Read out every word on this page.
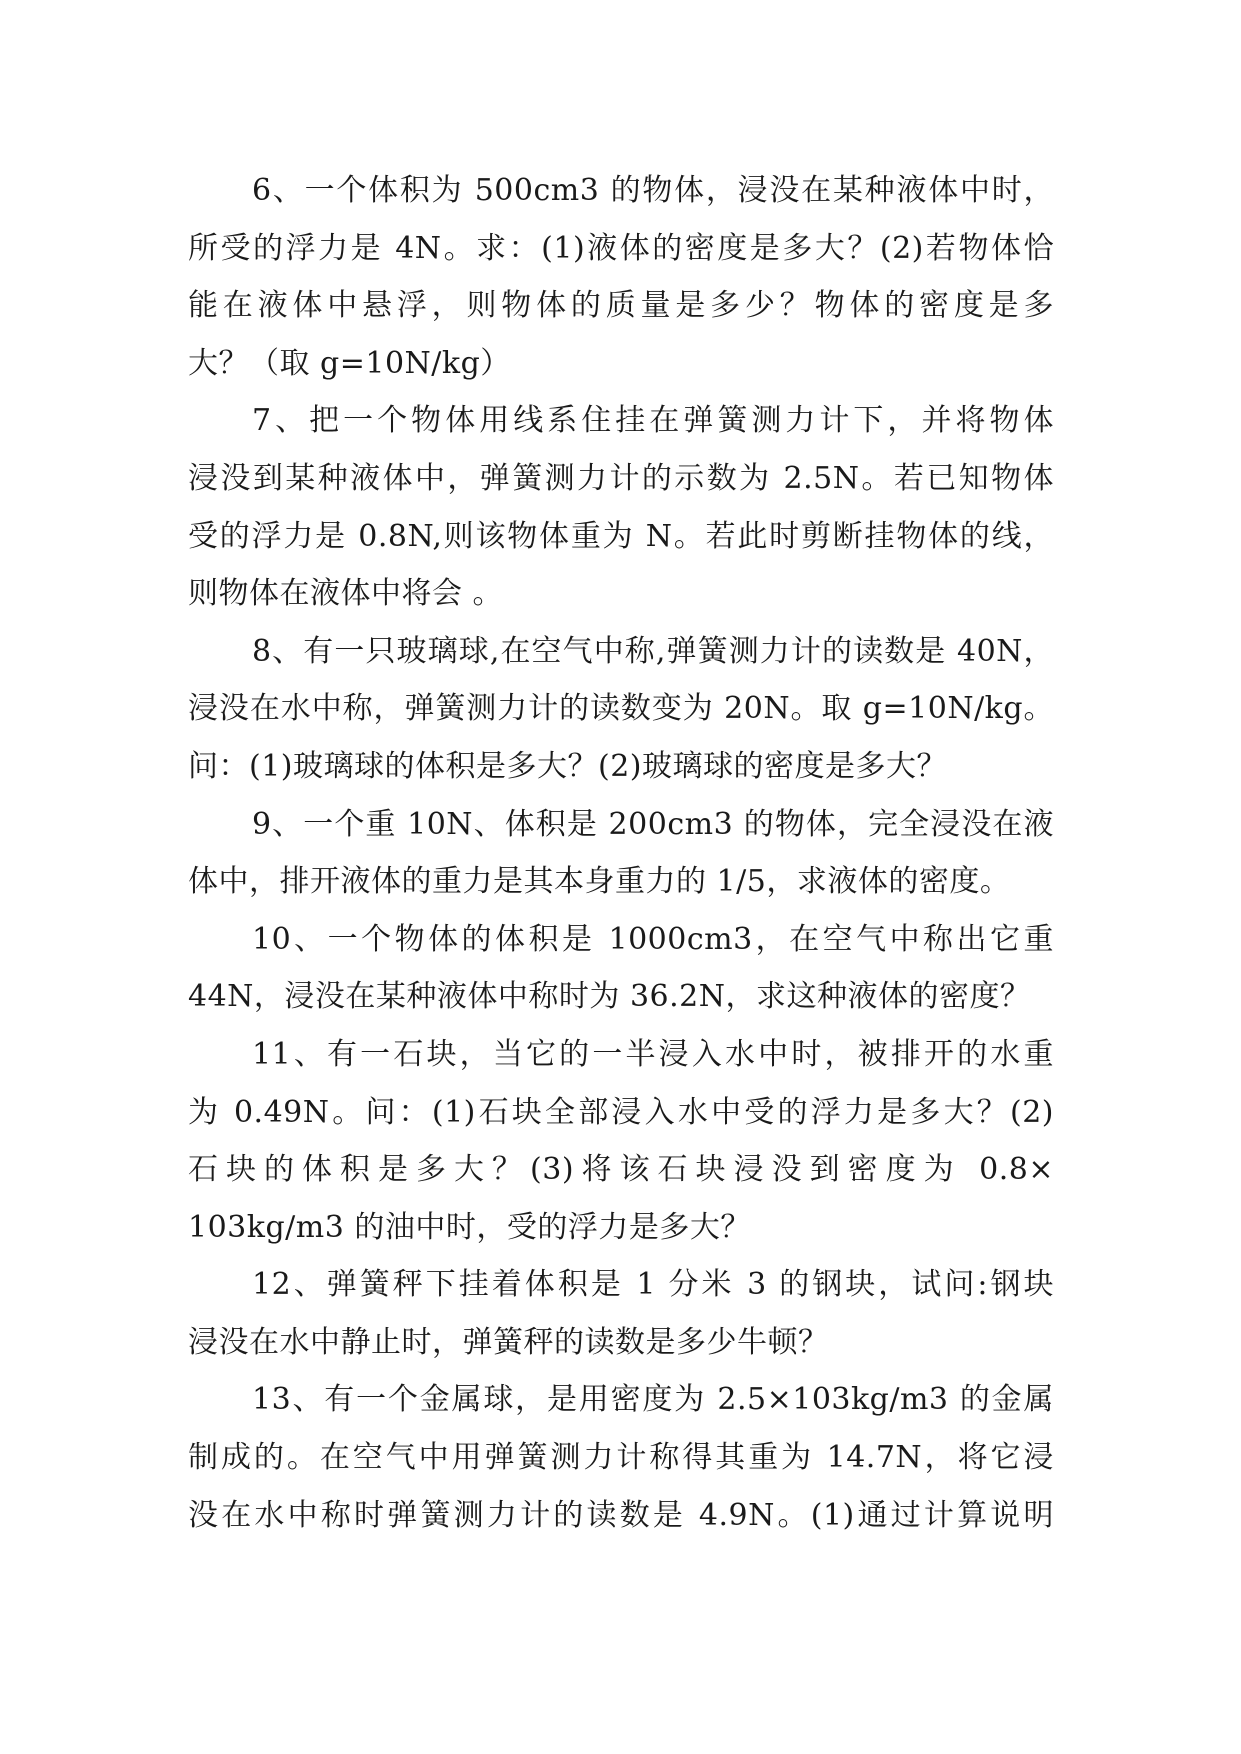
6、一个体积为 500cm3 的物体，浸没在某种液体中时，
所受的浮力是 4N。求：(1)液体的密度是多大？(2)若物体恰
能在液体中悬浮，则物体的质量是多少？物体的密度是多
大？（取 g=10N/kg）

7、把一个物体用线系住挂在弹簧测力计下，并将物体
浸没到某种液体中，弹簧测力计的示数为 2.5N。若已知物体
受的浮力是 0.8N,则该物体重为 N。若此时剪断挂物体的线，
则物体在液体中将会 。

8、有一只玻璃球,在空气中称,弹簧测力计的读数是 40N，
浸没在水中称，弹簧测力计的读数变为 20N。取 g=10N/kg。
问：(1)玻璃球的体积是多大？(2)玻璃球的密度是多大？

9、一个重 10N、体积是 200cm3 的物体，完全浸没在液
体中，排开液体的重力是其本身重力的 1/5，求液体的密度。

10、一个物体的体积是 1000cm3，在空气中称出它重
44N，浸没在某种液体中称时为 36.2N，求这种液体的密度？

11、有一石块，当它的一半浸入水中时，被排开的水重
为 0.49N。问：(1)石块全部浸入水中受的浮力是多大？(2)
石块的体积是多大？(3)将该石块浸没到密度为 0.8×
103kg/m3 的油中时，受的浮力是多大？

12、弹簧秤下挂着体积是 1 分米 3 的钢块，试问:钢块
浸没在水中静止时，弹簧秤的读数是多少牛顿？

13、有一个金属球，是用密度为 2.5×103kg/m3 的金属
制成的。在空气中用弹簧测力计称得其重为 14.7N，将它浸
没在水中称时弹簧测力计的读数是 4.9N。(1)通过计算说明
